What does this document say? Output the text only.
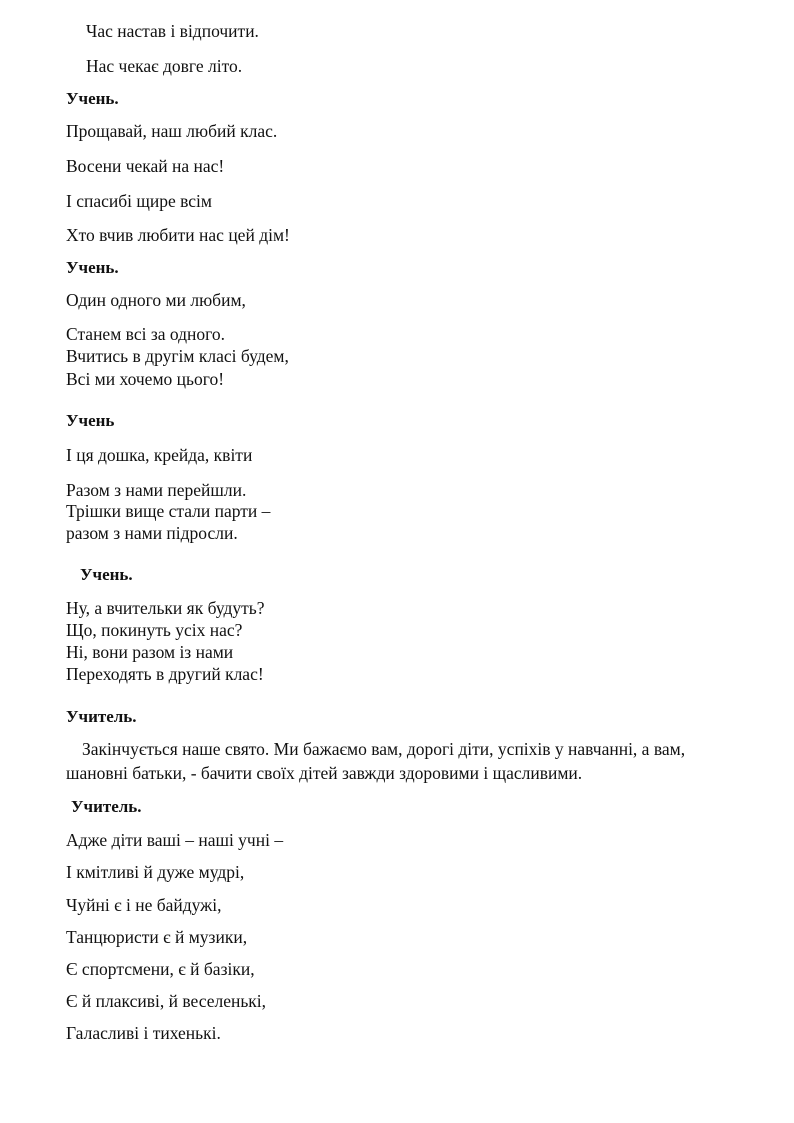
Час настав і відпочити.

Нас чекає довге літо.

Учень.

Прощавай, наш любий клас.

Восени чекай на нас!

І спасибі щире всім

Хто вчив любити нас цей дім!

Учень.

Один одного ми любим,

Станем всі за одного.

Вчитись в другім класі будем,

Всі ми хочемо цього!

Учень

І ця дошка, крейда, квіти

Разом з нами перейшли.

Трішки вище стали парти –

разом з нами підросли.

Учень.

Ну, а вчительки як будуть?

Що, покинуть усіх нас?

Ні, вони разом із нами

Переходять в другий клас!

Учитель.

Закінчується наше свято. Ми бажаємо вам, дорогі діти, успіхів у навчанні, а вам,

шановні батьки, - бачити своїх дітей завжди здоровими і щасливими.

Учитель.

Адже діти ваші – наші учні –

І кмітливі й дуже мудрі,

Чуйні є і не байдужі,

Танцюристи є й музики,

Є спортсмени, є й базіки,

Є й плаксиві, й веселенькі,

Галасливі і тихенькі.
